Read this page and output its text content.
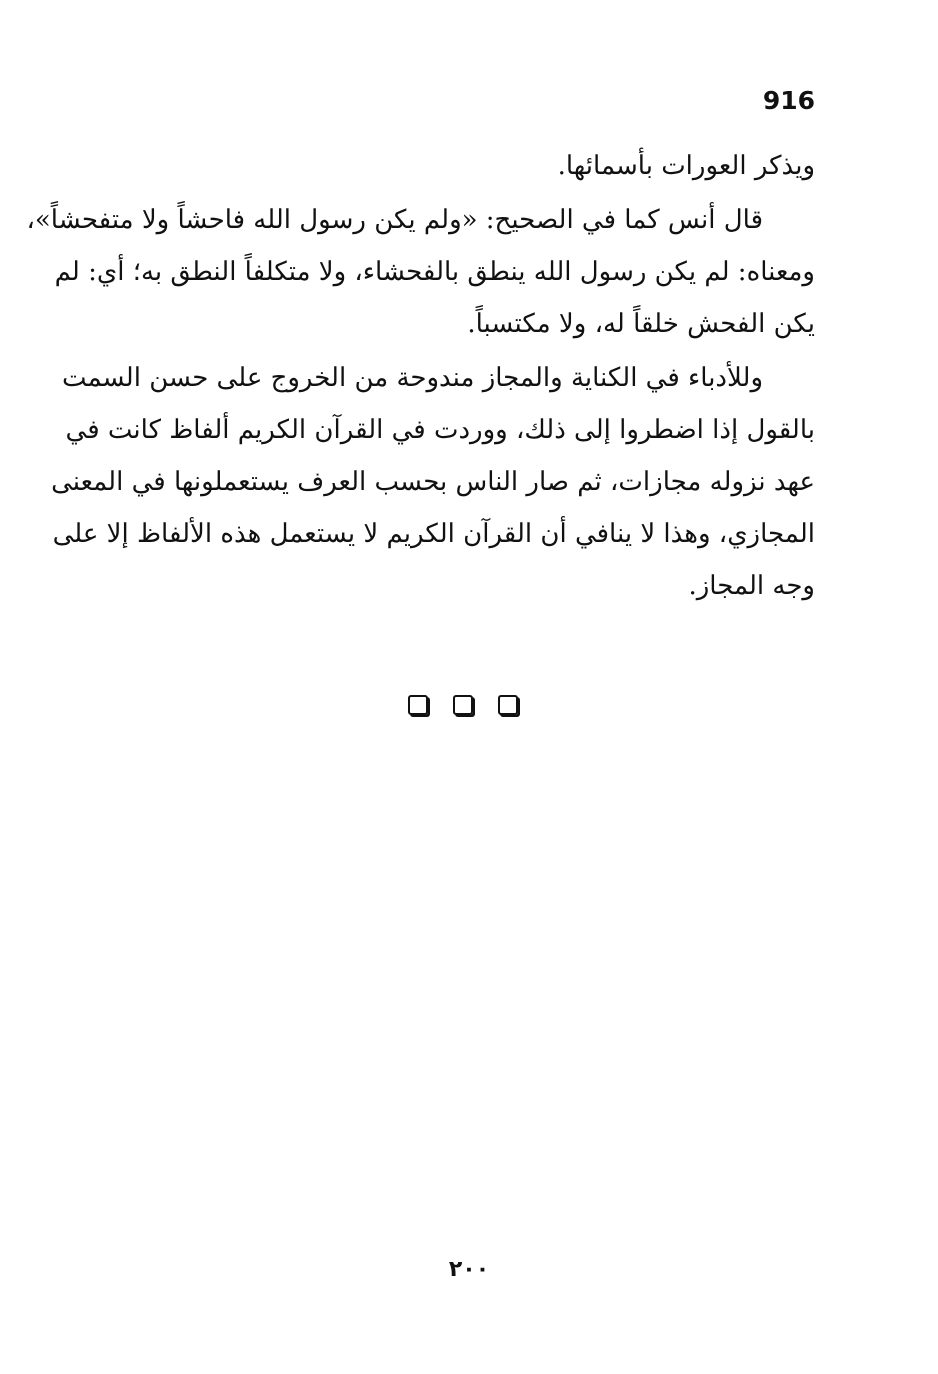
916
ويذكر العورات بأسمائها.
قال أنس كما في الصحيح: «ولم يكن رسول الله فاحشاً ولا متفحشاً»،
ومعناه: لم يكن رسول الله ينطق بالفحشاء، ولا متكلفاً النطق به؛ أي: لم
يكن الفحش خلقاً له، ولا مكتسباً.
وللأدباء في الكناية والمجاز مندوحة من الخروج على حسن السمت
بالقول إذا اضطروا إلى ذلك، ووردت في القرآن الكريم ألفاظ كانت في
عهد نزوله مجازات، ثم صار الناس بحسب العرف يستعملونها في المعنى
المجازي، وهذا لا ينافي أن القرآن الكريم لا يستعمل هذه الألفاظ إلا على
وجه المجاز.
٢٠٠
